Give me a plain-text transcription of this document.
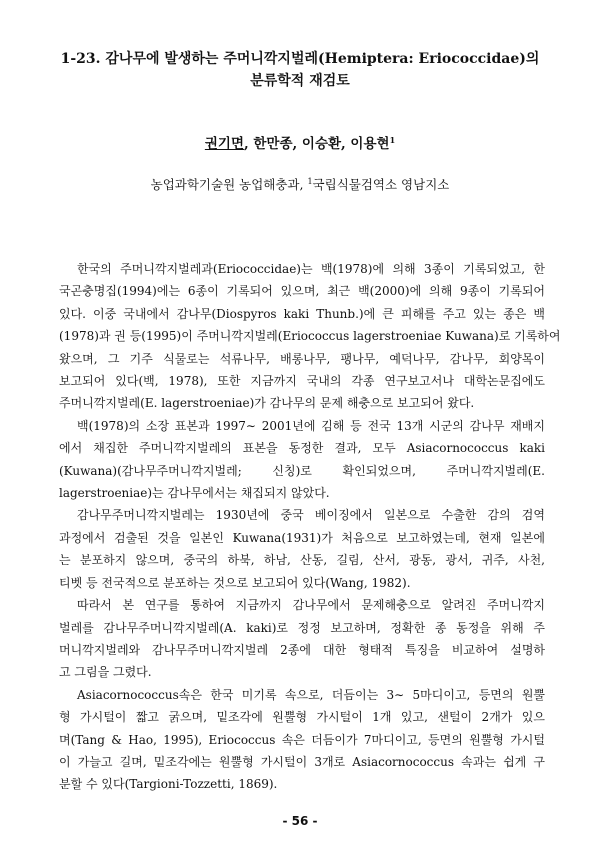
1-23. 감나무에 발생하는 주머니깍지벌레(Hemiptera: Eriococcidae)의
분류학적 재검토
권기면, 한만종, 이승환, 이용현$^1$
농업과학기술원 농업해충과, $^1$국립식물검역소 영남지소

한국의 주머니깍지벌레과(Eriococcidae)는 백(1978)에 의해 3종이 기록되었고, 한
국곤충명집(1994)에는 6종이 기록되어 있으며, 최근 백(2000)에 의해 9종이 기록되어
있다. 이중 국내에서 감나무(Diospyros kaki Thunb.)에 큰 피해를 주고 있는 종은 백
(1978)과 권 등(1995)이 주머니깍지벌레(Eriococcus lagerstroeniae Kuwana)로 기록하여
왔으며, 그 기주 식물로는 석류나무, 배롱나무, 팽나무, 예덕나무, 감나무, 회양목이
보고되어 있다(백, 1978), 또한 지금까지 국내의 각종 연구보고서나 대학논문집에도
주머니깍지벌레(E. lagerstroeniae)가 감나무의 문제 해충으로 보고되어 왔다.

백(1978)의 소장 표본과 1997∼ 2001년에 김해 등 전국 13개 시군의 감나무 재배지
에서 채집한 주머니깍지벌레의 표본을 동정한 결과, 모두 Asiacornococcus kaki
(Kuwana)(감나무주머니깍지벌레; 신칭)로 확인되었으며, 주머니깍지벌레(E.
lagerstroeniae)는 감나무에서는 채집되지 않았다.

감나무주머니깍지벌레는 1930년에 중국 베이징에서 일본으로 수출한 감의 검역
과정에서 검출된 것을 일본인 Kuwana(1931)가 처음으로 보고하였는데, 현재 일본에
는 분포하지 않으며, 중국의 하북, 하남, 산동, 길림, 산서, 광동, 광서, 귀주, 사천,
티벳 등 전국적으로 분포하는 것으로 보고되어 있다(Wang, 1982).

따라서 본 연구를 통하여 지금까지 감나무에서 문제해충으로 알려진 주머니깍지
벌레를 감나무주머니깍지벌레(A. kaki)로 정정 보고하며, 정확한 종 동정을 위해 주
머니깍지벌레와 감나무주머니깍지벌레 2종에 대한 형태적 특징을 비교하여 설명하
고 그림을 그렸다.

Asiacornococcus속은 한국 미기록 속으로, 더듬이는 3∼ 5마디이고, 등면의 원뿔
형 가시털이 짧고 굵으며, 밑조각에 원뿔형 가시털이 1개 있고, 샌털이 2개가 있으
며(Tang & Hao, 1995), Eriococcus 속은 더듬이가 7마디이고, 등면의 원뿔형 가시털
이 가늘고 길며, 밑조각에는 원뿔형 가시털이 3개로 Asiacornococcus 속과는 쉽게 구
분할 수 있다(Targioni-Tozzetti, 1869).

- 56 -
